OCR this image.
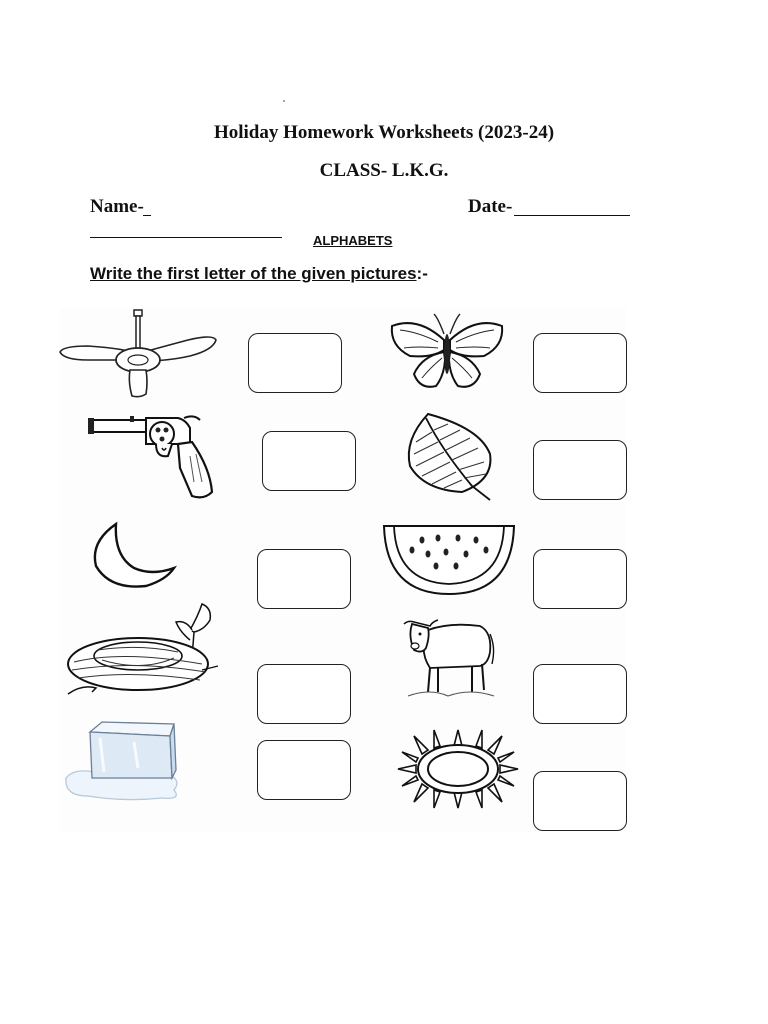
Holiday Homework Worksheets (2023-24)
CLASS- L.K.G.
Name-	Date-
ALPHABETS
Write the first letter of the given pictures:-
